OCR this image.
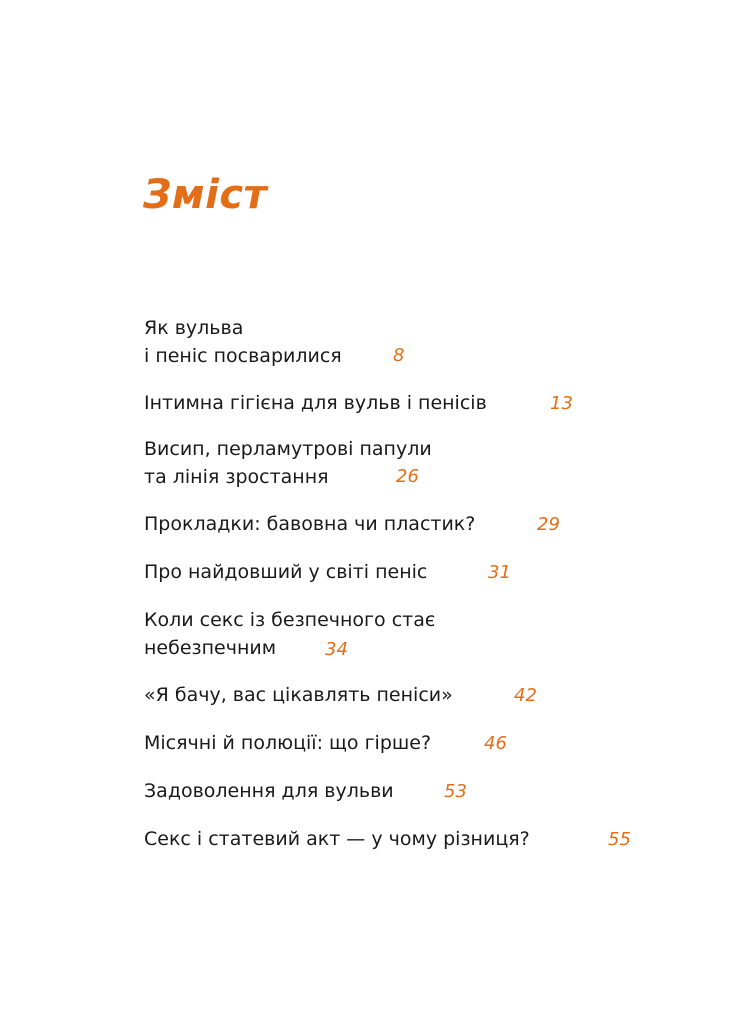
Зміст
Як вульва
і пеніс посварилися	8
Інтимна гігієна для вульв і пенісів	13
Висип, перламутрові папули
та лінія зростання	26
Прокладки: бавовна чи пластик?	29
Про найдовший у світі пеніс	31
Коли секс із безпечного стає
небезпечним	34
«Я бачу, вас цікавлять пеніси»	42
Місячні й полюції: що гірше?	46
Задоволення для вульви	53
Секс і статевий акт — у чому різниця?	55
